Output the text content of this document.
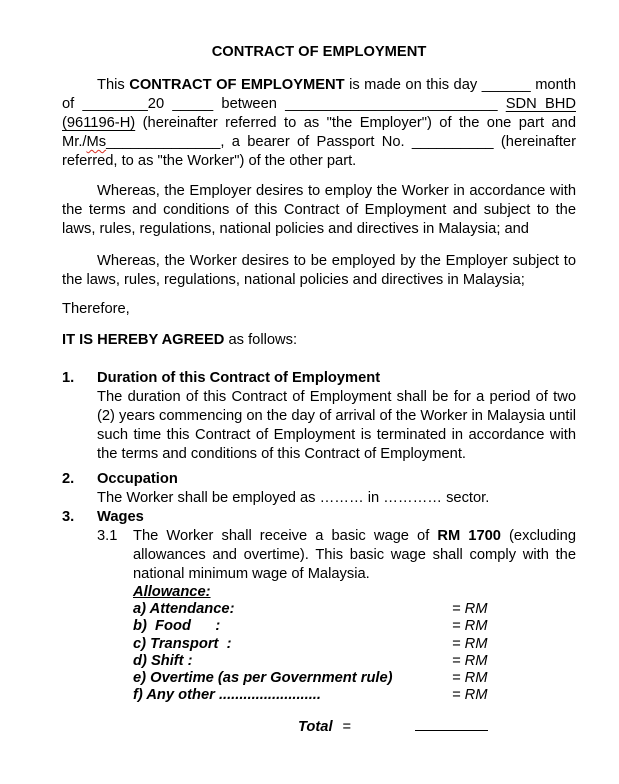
CONTRACT OF EMPLOYMENT

This CONTRACT OF EMPLOYMENT is made on this day ______ month of ________20 _____ between __________________________ SDN BHD (961196-H) (hereinafter referred to as "the Employer") of the one part and Mr./Ms______________, a bearer of Passport No. __________ (hereinafter referred, to as "the Worker") of the other part.

Whereas, the Employer desires to employ the Worker in accordance with the terms and conditions of this Contract of Employment and subject to the laws, rules, regulations, national policies and directives in Malaysia; and

Whereas, the Worker desires to be employed by the Employer subject to the laws, rules, regulations, national policies and directives in Malaysia;

Therefore,

IT IS HEREBY AGREED as follows:

1.	Duration of this Contract of Employment

The duration of this Contract of Employment shall be for a period of two (2) years commencing on the day of arrival of the Worker in Malaysia until such time this Contract of Employment is terminated in accordance with the terms and conditions of this Contract of Employment.

2.	Occupation

The Worker shall be employed as ……… in ………… sector.

3.	Wages
3.1	The Worker shall receive a basic wage of RM 1700 (excluding allowances and overtime). This basic wage shall comply with the national minimum wage of Malaysia.

Allowance:
a) Attendance:	= RM
b)  Food      :	= RM
c) Transport  :	= RM
d) Shift :	= RM
e) Overtime (as per Government rule)	= RM
f) Any other .........................	= RM
Total =
